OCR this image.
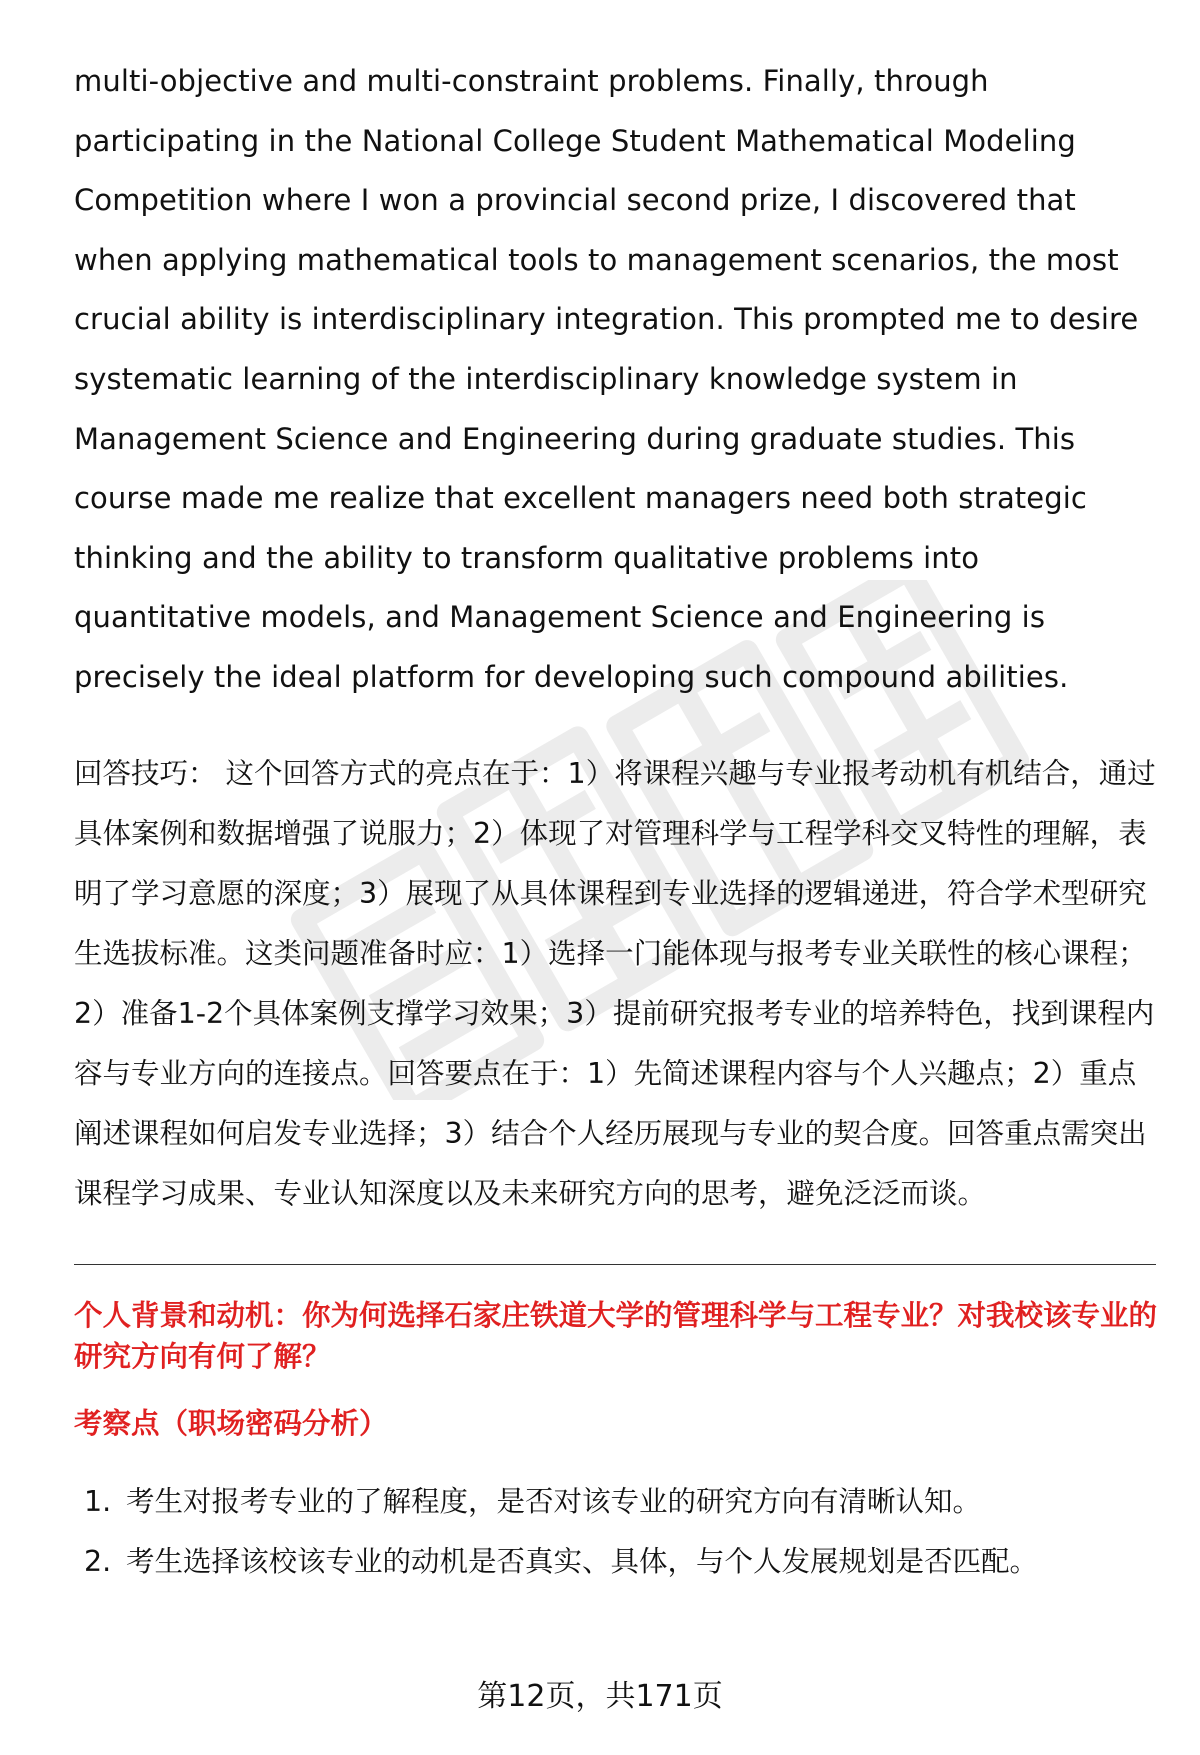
multi-objective and multi-constraint problems. Finally, through participating in the National College Student Mathematical Modeling Competition where I won a provincial second prize, I discovered that when applying mathematical tools to management scenarios, the most crucial ability is interdisciplinary integration. This prompted me to desire systematic learning of the interdisciplinary knowledge system in Management Science and Engineering during graduate studies. This course made me realize that excellent managers need both strategic thinking and the ability to transform qualitative problems into quantitative models, and Management Science and Engineering is precisely the ideal platform for developing such compound abilities.

回答技巧： 这个回答方式的亮点在于：1）将课程兴趣与专业报考动机有机结合，通过具体案例和数据增强了说服力；2）体现了对管理科学与工程学科交叉特性的理解，表明了学习意愿的深度；3）展现了从具体课程到专业选择的逻辑递进，符合学术型研究生选拔标准。这类问题准备时应：1）选择一门能体现与报考专业关联性的核心课程；2）准备1-2个具体案例支撑学习效果；3）提前研究报考专业的培养特色，找到课程内容与专业方向的连接点。回答要点在于：1）先简述课程内容与个人兴趣点；2）重点阐述课程如何启发专业选择；3）结合个人经历展现与专业的契合度。回答重点需突出课程学习成果、专业认知深度以及未来研究方向的思考，避免泛泛而谈。

个人背景和动机：你为何选择石家庄铁道大学的管理科学与工程专业？对我校该专业的研究方向有何了解？
考察点（职场密码分析）
1. 考生对报考专业的了解程度，是否对该专业的研究方向有清晰认知。
2. 考生选择该校该专业的动机是否真实、具体，与个人发展规划是否匹配。
第12页，共171页
